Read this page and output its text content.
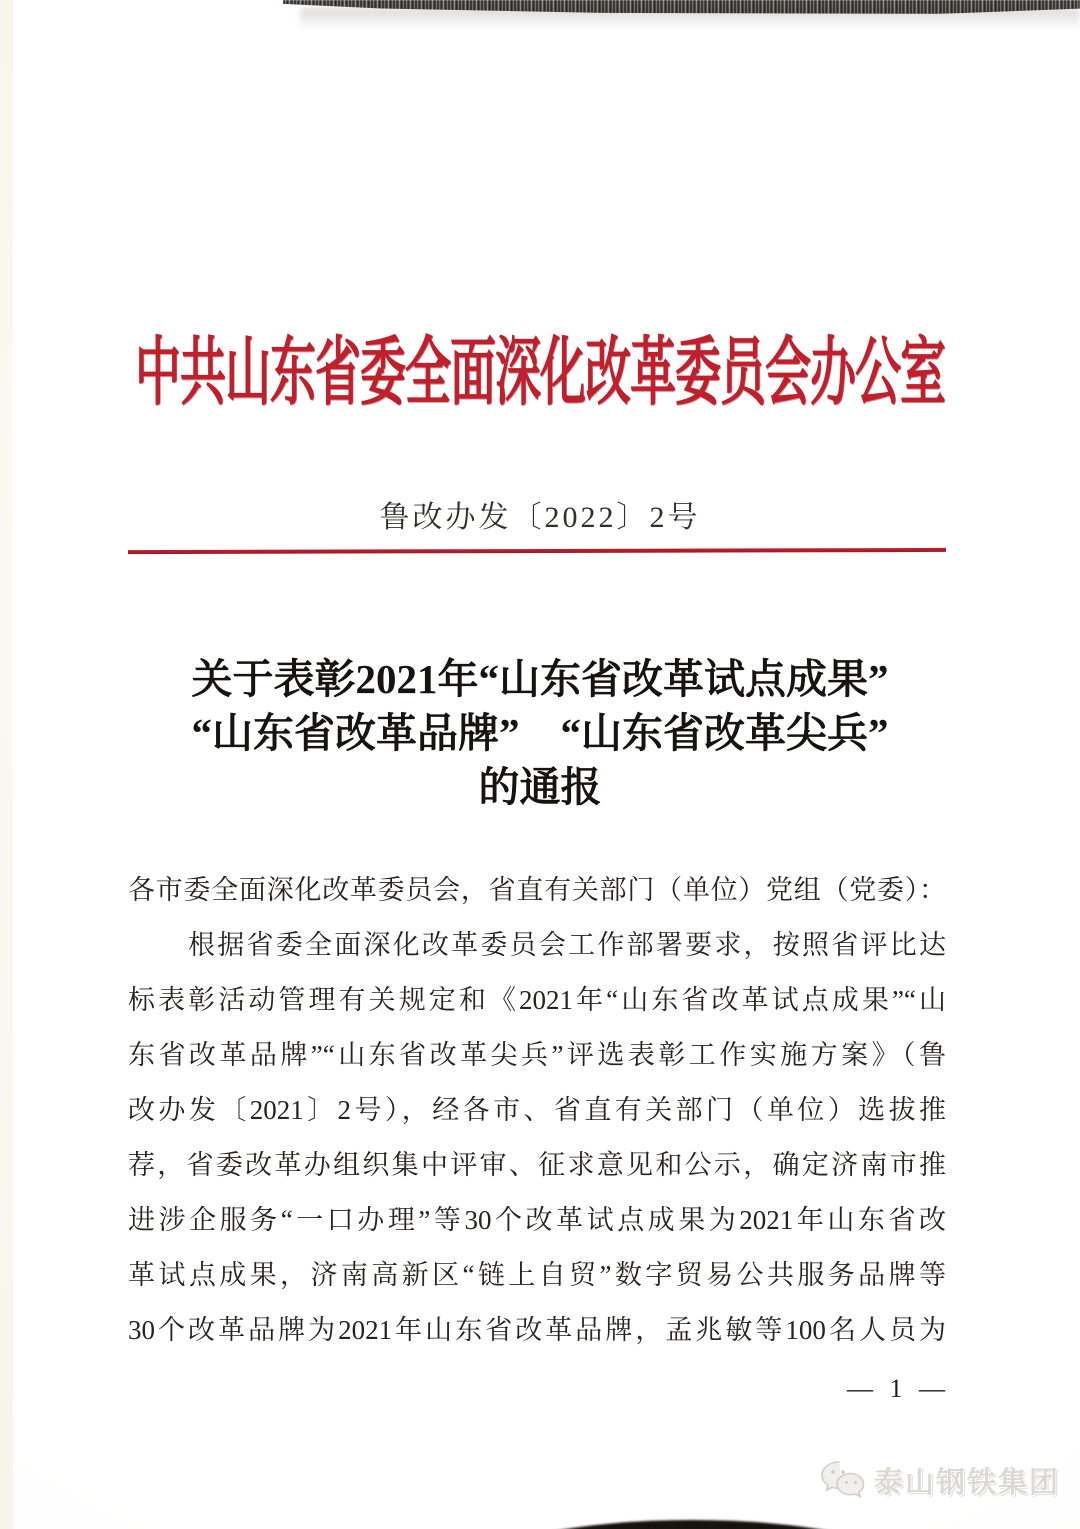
中共山东省委全面深化改革委员会办公室
鲁改办发〔2022〕2号
关于表彰2021年“山东省改革试点成果”
“山东省改革品牌”　“山东省改革尖兵”
的通报
各市委全面深化改革委员会，省直有关部门（单位）党组（党委）：
根据省委全面深化改革委员会工作部署要求，按照省评比达
标表彰活动管理有关规定和《2021年“山东省改革试点成果”“山
东省改革品牌”“山东省改革尖兵”评选表彰工作实施方案》（鲁
改办发〔2021〕2号），经各市、省直有关部门（单位）选拔推
荐，省委改革办组织集中评审、征求意见和公示，确定济南市推
进涉企服务“一口办理”等30个改革试点成果为2021年山东省改
革试点成果，济南高新区“链上自贸”数字贸易公共服务品牌等
30个改革品牌为2021年山东省改革品牌，孟兆敏等100名人员为
— 1 —
泰山钢铁集团
